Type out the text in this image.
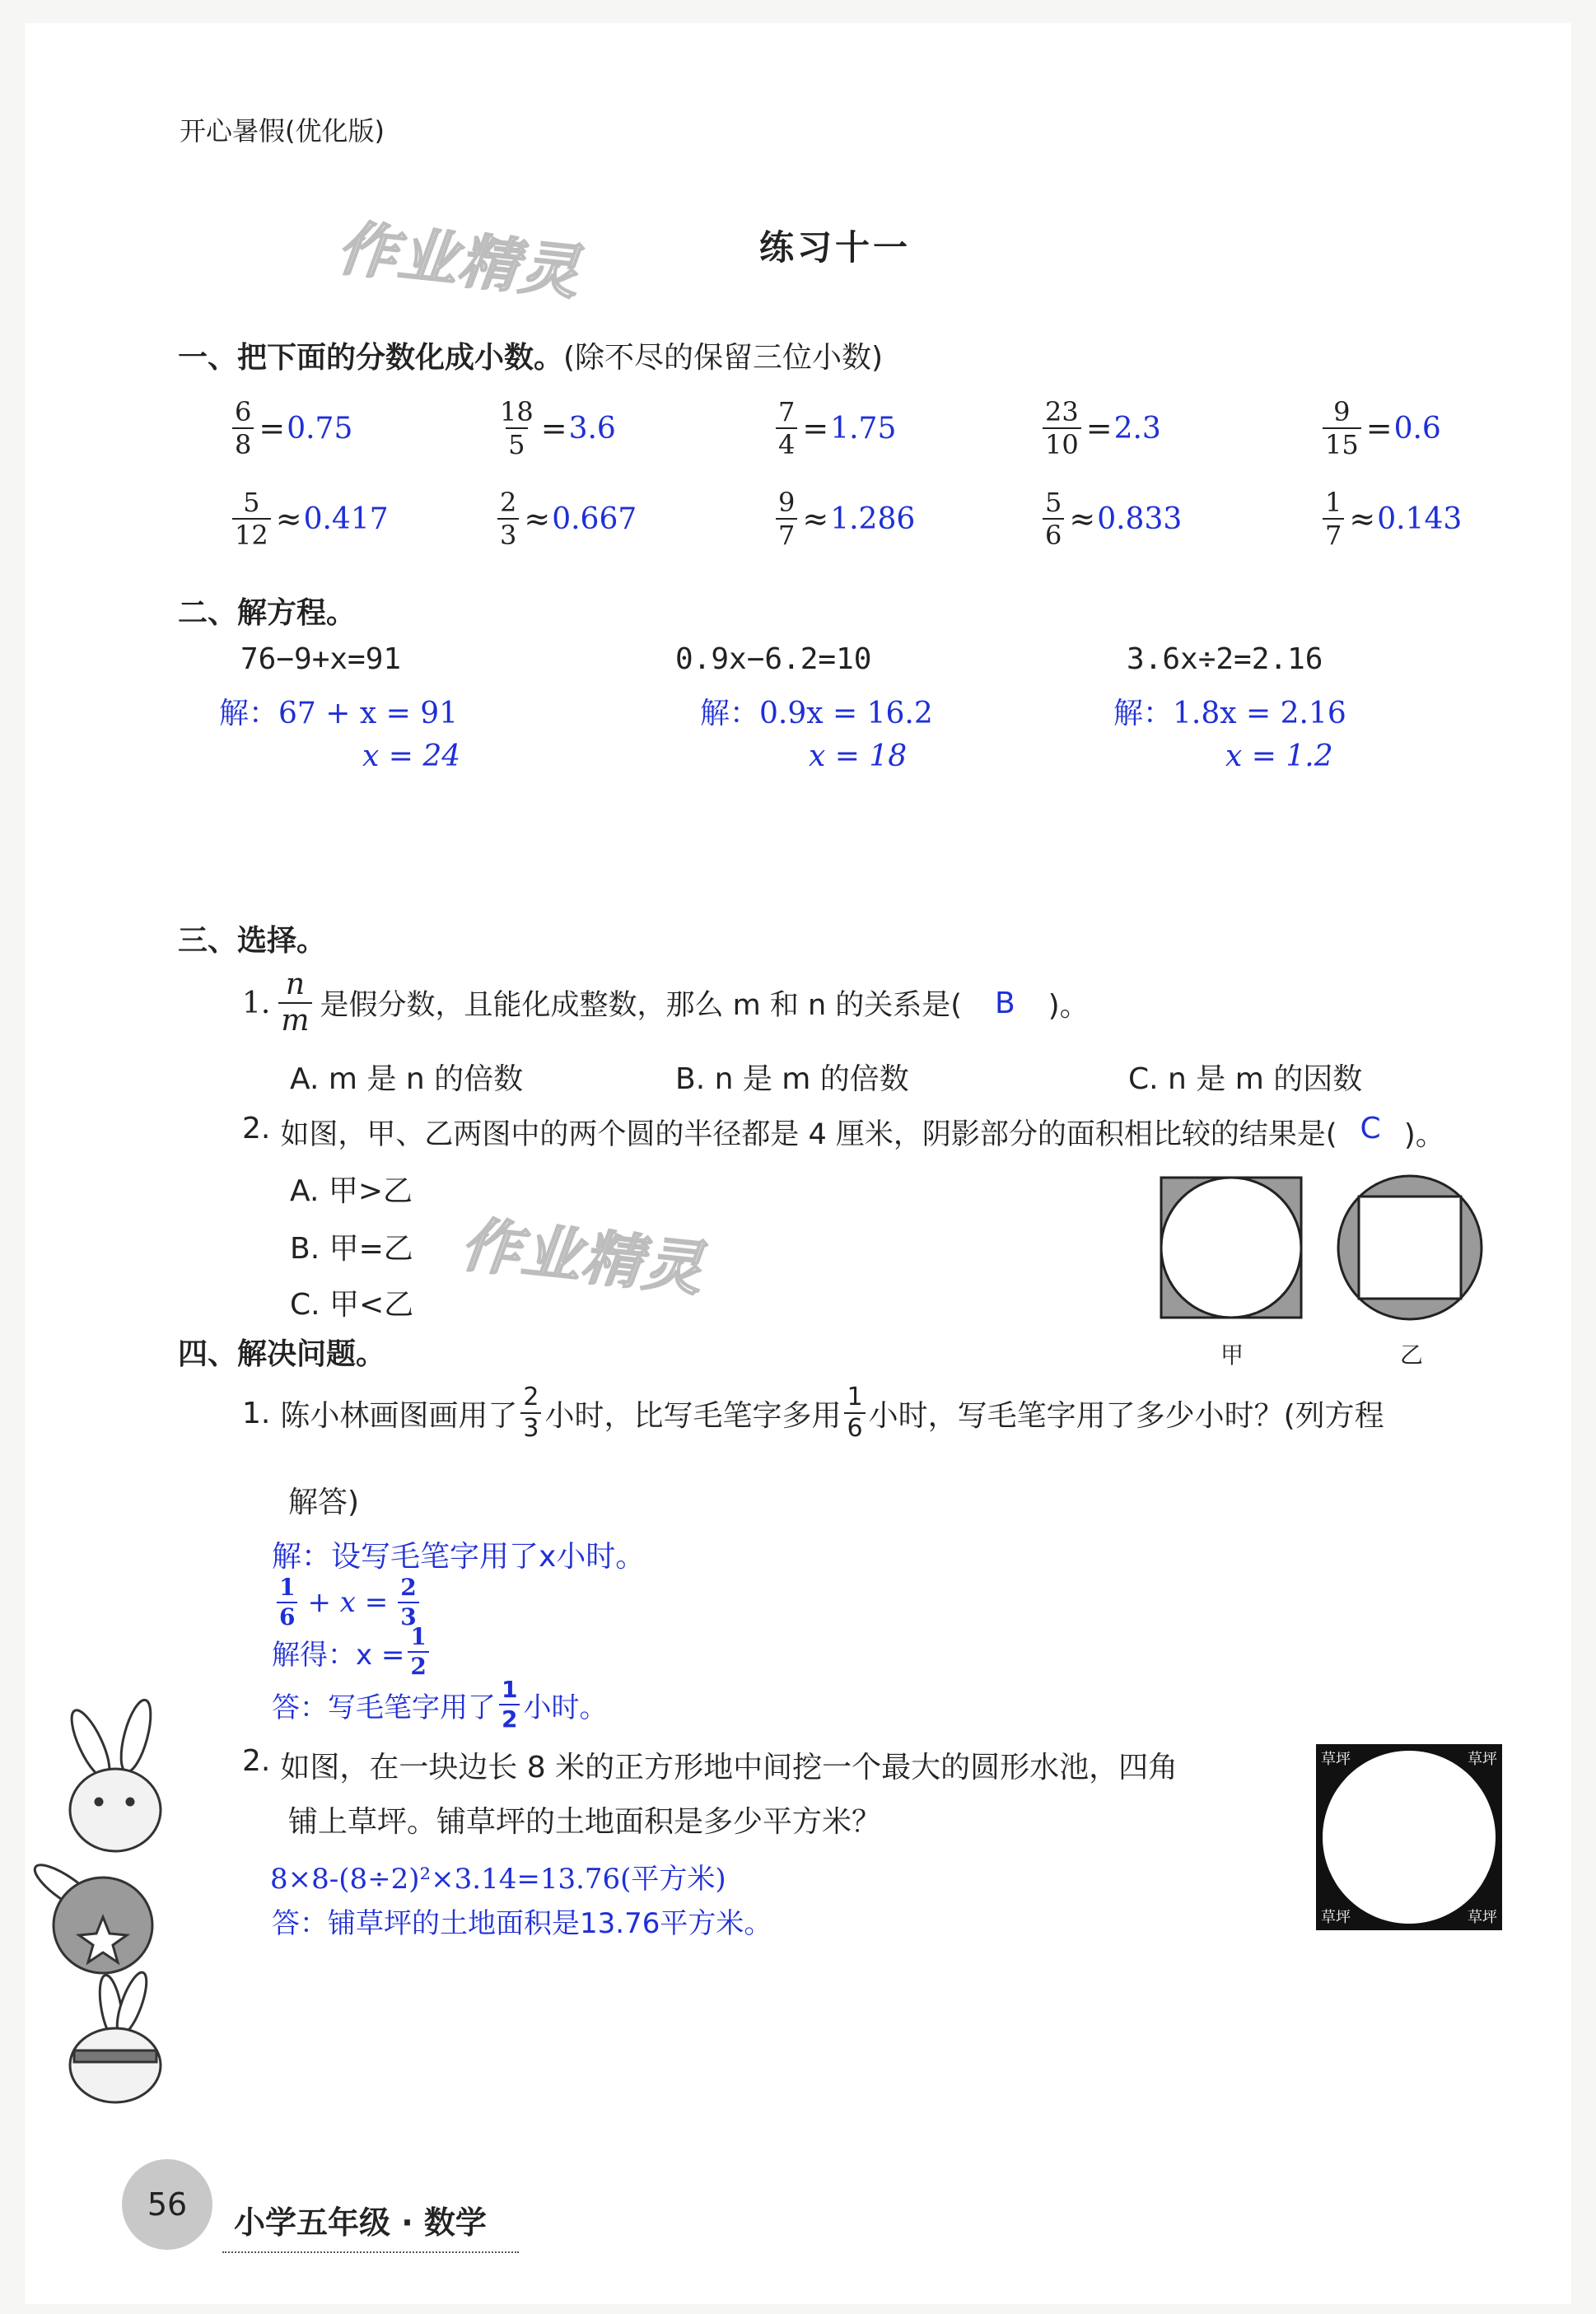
开心暑假(优化版)
作业精灵
作业精灵
练习十一
一、把下面的分数化成小数。(除不尽的保留三位小数)
$\frac{6}{8} = 0.75$	$\frac{18}{5} = 3.6$	$\frac{7}{4} = 1.75$	$\frac{23}{10} = 2.3$	$\frac{9}{15} = 0.6$
$\frac{5}{12} \approx 0.417$	$\frac{2}{3} \approx 0.667$	$\frac{9}{7} \approx 1.286$	$\frac{5}{6} \approx 0.833$	$\frac{1}{7} \approx 0.143$
二、解方程。
76−9+x=91
解：67 + x = 91
x = 24
0.9x−6.2=10
解：0.9x = 16.2
x = 18
3.6x÷2=2.16
解：1.8x = 2.16
x = 1.2
三、选择。
1. $\frac{n}{m}$ 是假分数，且能化成整数，那么 m 和 n 的关系是( B )。
A. m 是 n 的倍数	B. n 是 m 的倍数	C. n 是 m 的因数
2. 如图，甲、乙两图中的两个圆的半径都是 4 厘米，阴影部分的面积相比较的结果是( C )。
A. 甲>乙
B. 甲=乙
C. 甲<乙
甲	乙
四、解决问题。
1. 陈小林画图画用了 $\frac{2}{3}$ 小时，比写毛笔字多用 $\frac{1}{6}$ 小时，写毛笔字用了多少小时？(列方程
解答)
解：设写毛笔字用了x小时。
$\frac{1}{6} + x = \frac{2}{3}$
解得：$x = \frac{1}{2}$
答：写毛笔字用了 $\frac{1}{2}$ 小时。
2. 如图，在一块边长 8 米的正方形地中间挖一个最大的圆形水池，四角
铺上草坪。铺草坪的土地面积是多少平方米？
8×8-(8÷2)²×3.14=13.76(平方米)
答：铺草坪的土地面积是13.76平方米。
草坪	草坪
草坪	草坪
56 小学五年级 · 数学
